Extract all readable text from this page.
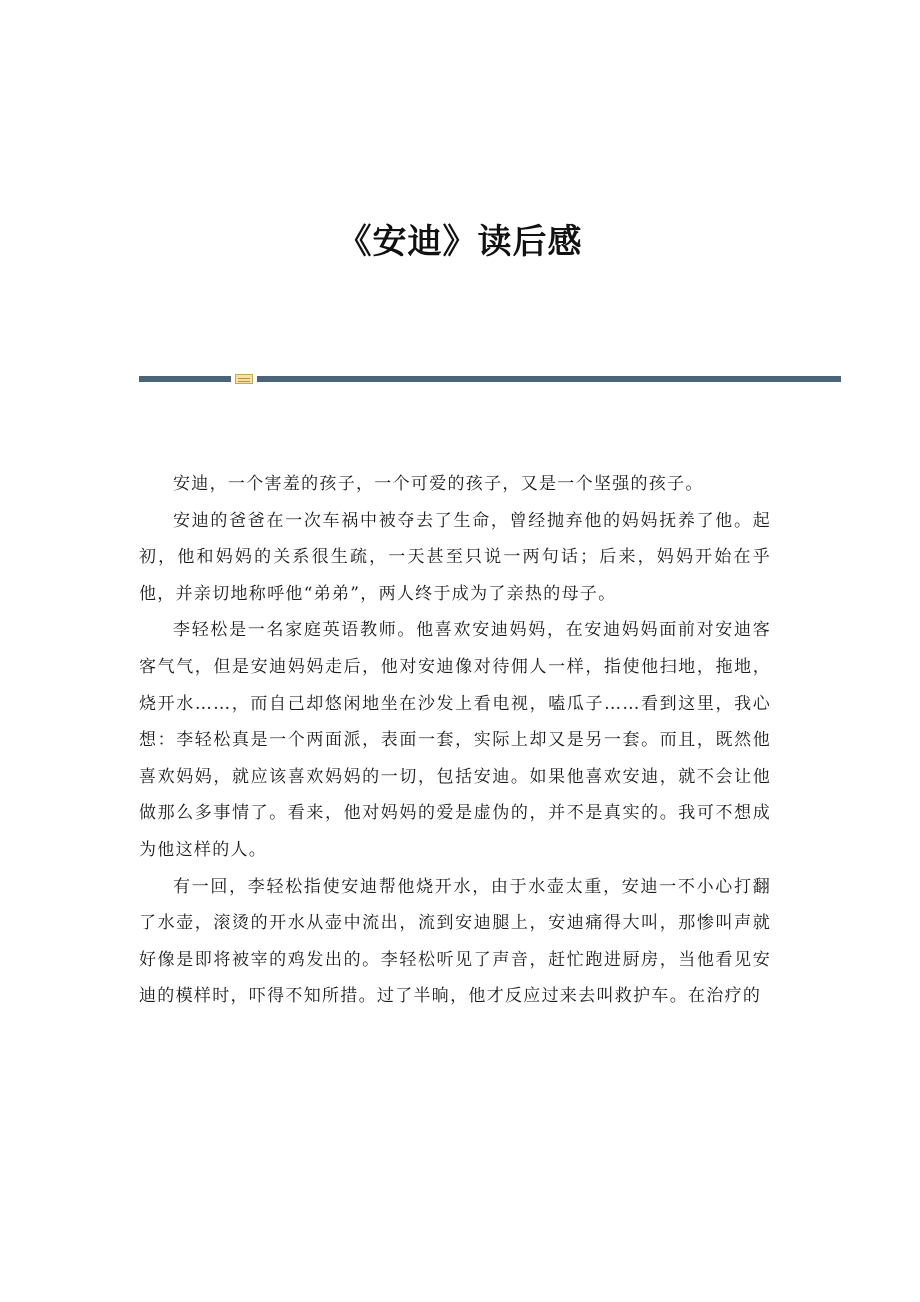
《安迪》读后感

安迪，一个害羞的孩子，一个可爱的孩子，又是一个坚强的孩子。

安迪的爸爸在一次车祸中被夺去了生命，曾经抛弃他的妈妈抚养了他。起初，他和妈妈的关系很生疏，一天甚至只说一两句话；后来，妈妈开始在乎他，并亲切地称呼他“弟弟”，两人终于成为了亲热的母子。

李轻松是一名家庭英语教师。他喜欢安迪妈妈，在安迪妈妈面前对安迪客客气气，但是安迪妈妈走后，他对安迪像对待佣人一样，指使他扫地，拖地，烧开水……，而自己却悠闲地坐在沙发上看电视，嗑瓜子……看到这里，我心想：李轻松真是一个两面派，表面一套，实际上却又是另一套。而且，既然他喜欢妈妈，就应该喜欢妈妈的一切，包括安迪。如果他喜欢安迪，就不会让他做那么多事情了。看来，他对妈妈的爱是虚伪的，并不是真实的。我可不想成为他这样的人。

有一回，李轻松指使安迪帮他烧开水，由于水壶太重，安迪一不小心打翻了水壶，滚烫的开水从壶中流出，流到安迪腿上，安迪痛得大叫，那惨叫声就好像是即将被宰的鸡发出的。李轻松听见了声音，赶忙跑进厨房，当他看见安迪的模样时，吓得不知所措。过了半晌，他才反应过来去叫救护车。在治疗的
